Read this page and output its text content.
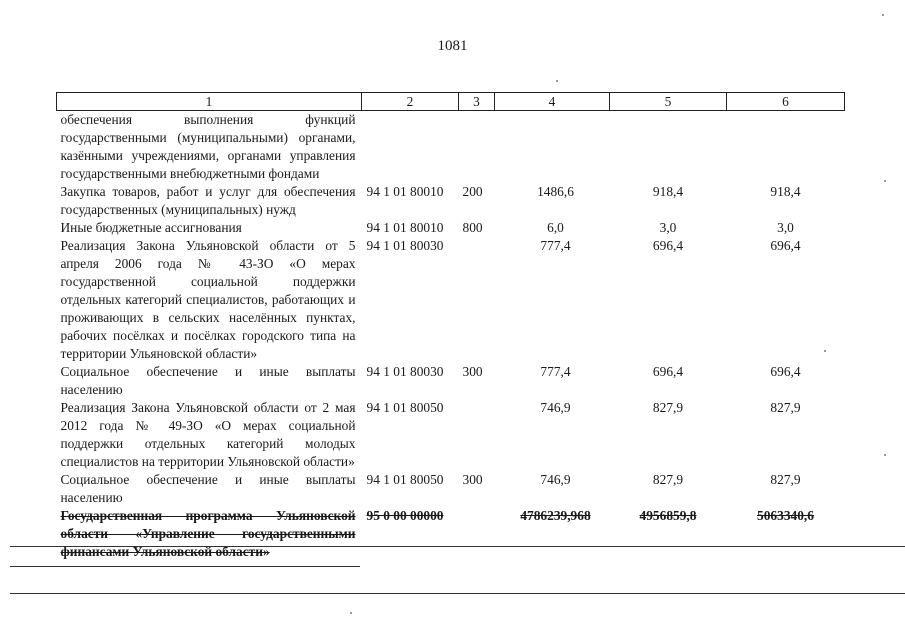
1081
1	2	3	4	5	6
обеспечения выполнения функций государственными (муниципальными) органами, казёнными учреждениями, органами управления государственными внебюджетными фондами					
Закупка товаров, работ и услуг для обеспечения государственных (муниципальных) нужд	94 1 01 80010	200	1486,6	918,4	918,4
Иные бюджетные ассигнования	94 1 01 80010	800	6,0	3,0	3,0
Реализация Закона Ульяновской области от 5 апреля 2006 года № 43-ЗО «О мерах государственной социальной поддержки отдельных категорий специалистов, работающих и проживающих в сельских населённых пунктах, рабочих посёлках и посёлках городского типа на территории Ульяновской области»	94 1 01 80030		777,4	696,4	696,4
Социальное обеспечение и иные выплаты населению	94 1 01 80030	300	777,4	696,4	696,4
Реализация Закона Ульяновской области от 2 мая 2012 года № 49-ЗО «О мерах социальной поддержки отдельных категорий молодых специалистов на территории Ульяновской области»	94 1 01 80050		746,9	827,9	827,9
Социальное обеспечение и иные выплаты населению	94 1 01 80050	300	746,9	827,9	827,9
Государственная программа Ульяновской области «Управление государственными финансами Ульяновской области»	95 0 00 00000		4786239,968	4956859,8	5063340,6
